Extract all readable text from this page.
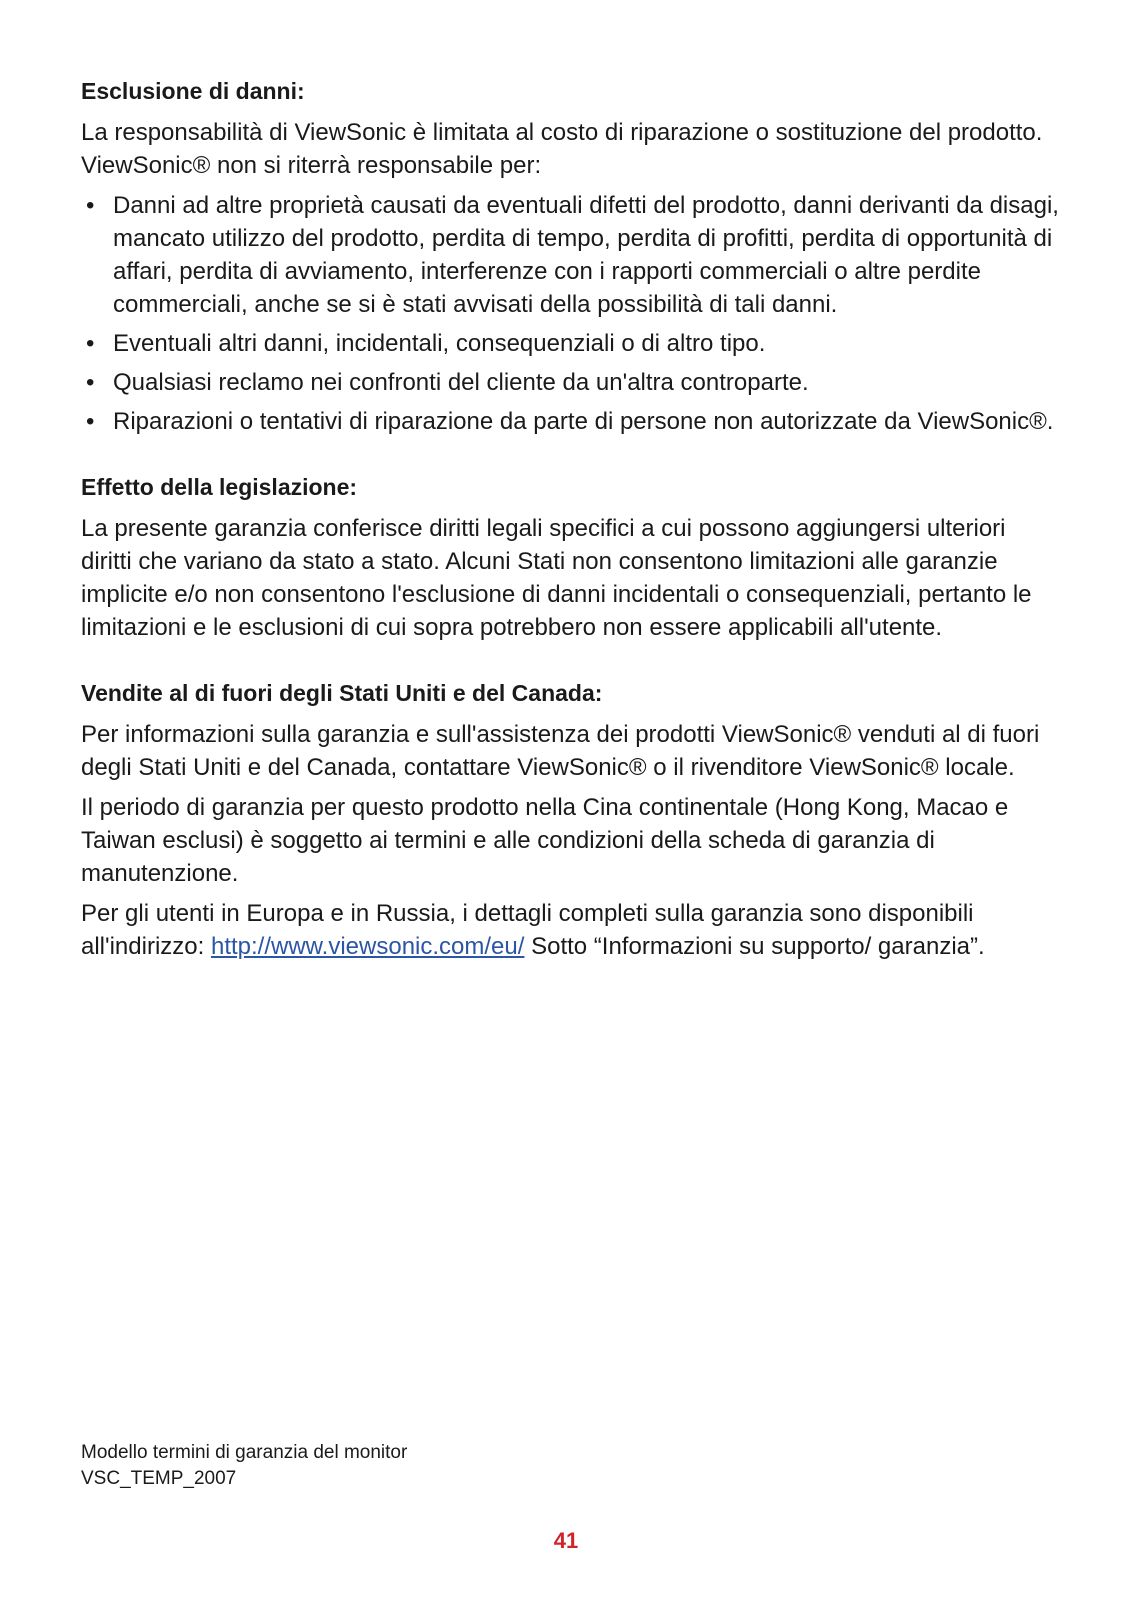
Esclusione di danni:

La responsabilità di ViewSonic è limitata al costo di riparazione o sostituzione del prodotto. ViewSonic® non si riterrà responsabile per:

• Danni ad altre proprietà causati da eventuali difetti del prodotto, danni derivanti da disagi, mancato utilizzo del prodotto, perdita di tempo, perdita di profitti, perdita di opportunità di affari, perdita di avviamento, interferenze con i rapporti commerciali o altre perdite commerciali, anche se si è stati avvisati della possibilità di tali danni.
• Eventuali altri danni, incidentali, consequenziali o di altro tipo.
• Qualsiasi reclamo nei confronti del cliente da un'altra controparte.
• Riparazioni o tentativi di riparazione da parte di persone non autorizzate da ViewSonic®.
Effetto della legislazione:

La presente garanzia conferisce diritti legali specifici a cui possono aggiungersi ulteriori diritti che variano da stato a stato. Alcuni Stati non consentono limitazioni alle garanzie implicite e/o non consentono l'esclusione di danni incidentali o consequenziali, pertanto le limitazioni e le esclusioni di cui sopra potrebbero non essere applicabili all'utente.

Vendite al di fuori degli Stati Uniti e del Canada:

Per informazioni sulla garanzia e sull'assistenza dei prodotti ViewSonic® venduti al di fuori degli Stati Uniti e del Canada, contattare ViewSonic® o il rivenditore ViewSonic® locale.

Il periodo di garanzia per questo prodotto nella Cina continentale (Hong Kong, Macao e Taiwan esclusi) è soggetto ai termini e alle condizioni della scheda di garanzia di manutenzione.

Per gli utenti in Europa e in Russia, i dettagli completi sulla garanzia sono disponibili all'indirizzo: http://www.viewsonic.com/eu/ Sotto “Informazioni su supporto/ garanzia”.

Modello termini di garanzia del monitor
VSC_TEMP_2007
41
